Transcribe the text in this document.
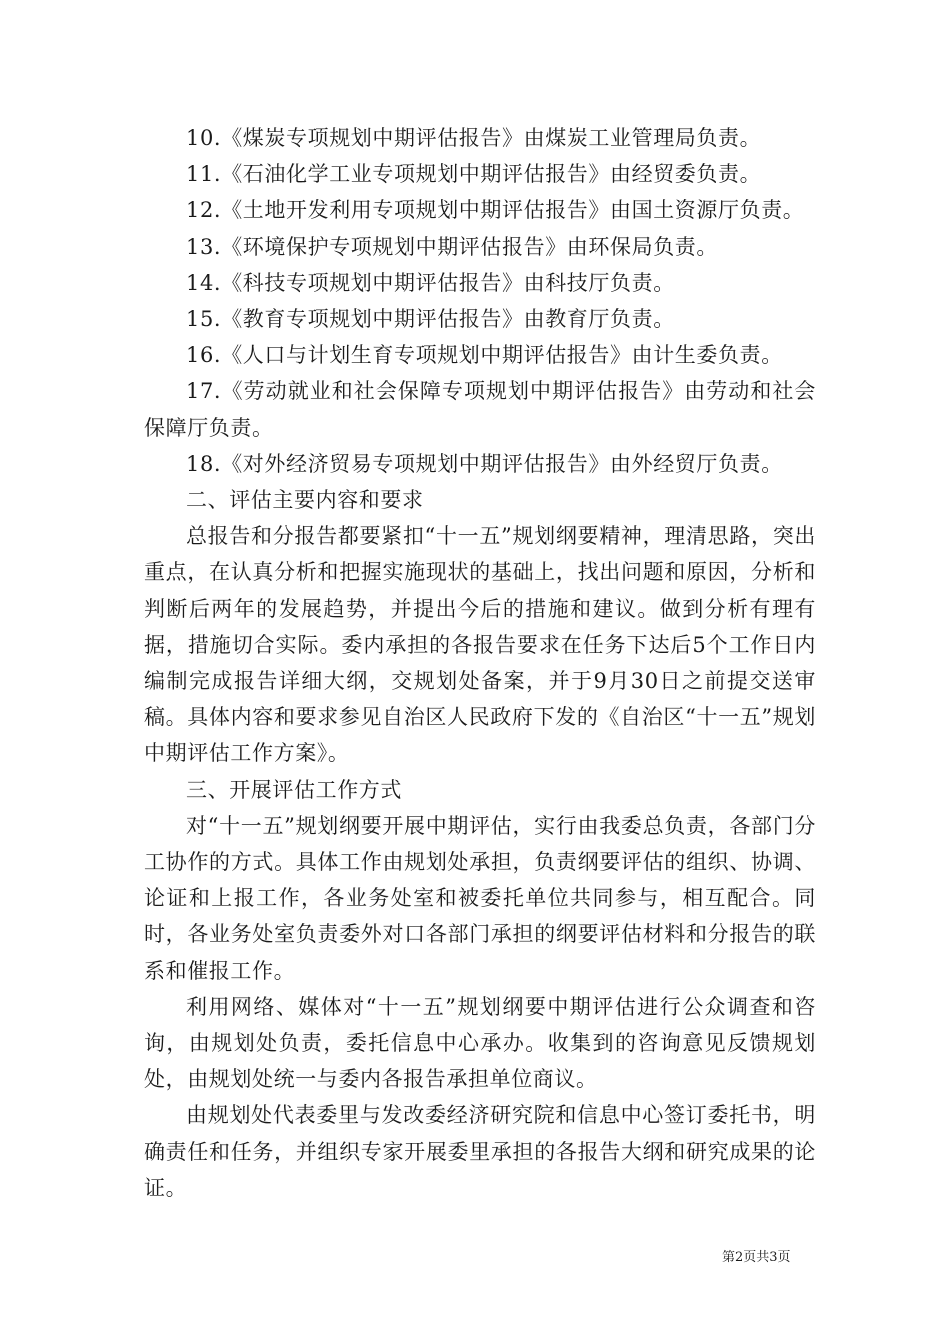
10.《煤炭专项规划中期评估报告》由煤炭工业管理局负责。

11.《石油化学工业专项规划中期评估报告》由经贸委负责。

12.《土地开发利用专项规划中期评估报告》由国土资源厅负责。

13.《环境保护专项规划中期评估报告》由环保局负责。

14.《科技专项规划中期评估报告》由科技厅负责。

15.《教育专项规划中期评估报告》由教育厅负责。

16.《人口与计划生育专项规划中期评估报告》由计生委负责。

17.《劳动就业和社会保障专项规划中期评估报告》由劳动和社会保障厅负责。

18.《对外经济贸易专项规划中期评估报告》由外经贸厅负责。

二、评估主要内容和要求

总报告和分报告都要紧扣“十一五”规划纲要精神，理清思路，突出重点，在认真分析和把握实施现状的基础上，找出问题和原因，分析和判断后两年的发展趋势，并提出今后的措施和建议。做到分析有理有据，措施切合实际。委内承担的各报告要求在任务下达后5个工作日内编制完成报告详细大纲，交规划处备案，并于9月30日之前提交送审稿。具体内容和要求参见自治区人民政府下发的《自治区“十一五”规划中期评估工作方案》。

三、开展评估工作方式

对“十一五”规划纲要开展中期评估，实行由我委总负责，各部门分工协作的方式。具体工作由规划处承担，负责纲要评估的组织、协调、论证和上报工作，各业务处室和被委托单位共同参与，相互配合。同时，各业务处室负责委外对口各部门承担的纲要评估材料和分报告的联系和催报工作。

利用网络、媒体对“十一五”规划纲要中期评估进行公众调查和咨询，由规划处负责，委托信息中心承办。收集到的咨询意见反馈规划处，由规划处统一与委内各报告承担单位商议。

由规划处代表委里与发改委经济研究院和信息中心签订委托书，明确责任和任务，并组织专家开展委里承担的各报告大纲和研究成果的论证。

第2页共3页
